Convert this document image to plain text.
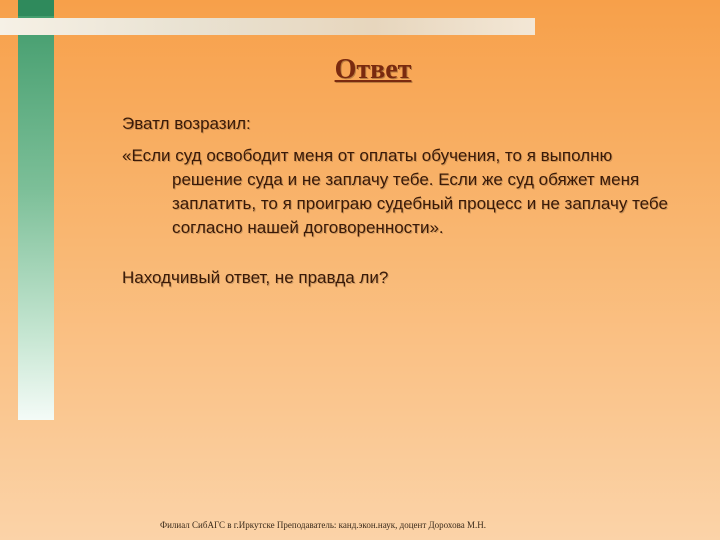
Ответ

Эватл возразил:

«Если суд освободит меня от оплаты обучения, то я выполню решение суда и не заплачу тебе. Если же суд обяжет меня заплатить, то я проиграю судебный процесс и не заплачу тебе согласно нашей договоренности».

Находчивый ответ, не правда ли?

Филиал СибАГС в г.Иркутске Преподаватель: канд.экон.наук, доцент Дорохова М.Н.
